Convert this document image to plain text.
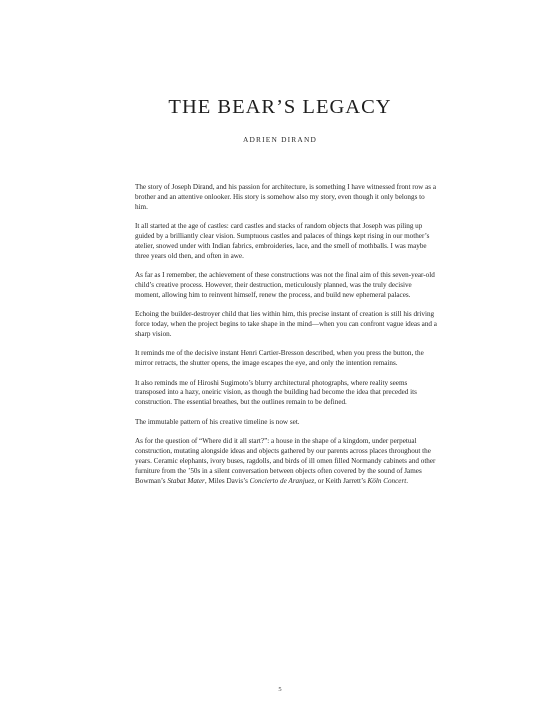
THE BEAR’S LEGACY
ADRIEN DIRAND

The story of Joseph Dirand, and his passion for architecture, is something I have witnessed front row as a brother and an attentive onlooker. His story is somehow also my story, even though it only belongs to him.

It all started at the age of castles: card castles and stacks of random objects that Joseph was piling up guided by a brilliantly clear vision. Sumptuous castles and palaces of things kept rising in our mother’s atelier, snowed under with Indian fabrics, embroideries, lace, and the smell of mothballs. I was maybe three years old then, and often in awe.

As far as I remember, the achievement of these constructions was not the final aim of this seven-year-old child’s creative process. However, their destruction, meticulously planned, was the truly decisive moment, allowing him to reinvent himself, renew the process, and build new ephemeral palaces.

Echoing the builder-destroyer child that lies within him, this precise instant of creation is still his driving force today, when the project begins to take shape in the mind—when you can confront vague ideas and a sharp vision.

It reminds me of the decisive instant Henri Cartier-Bresson described, when you press the button, the mirror retracts, the shutter opens, the image escapes the eye, and only the intention remains.

It also reminds me of Hiroshi Sugimoto’s blurry architectural photographs, where reality seems transposed into a hazy, oneiric vision, as though the building had become the idea that preceded its construction. The essential breathes, but the outlines remain to be defined.

The immutable pattern of his creative timeline is now set.

As for the question of “Where did it all start?”: a house in the shape of a kingdom, under perpetual construction, mutating alongside ideas and objects gathered by our parents across places throughout the years. Ceramic elephants, ivory buses, ragdolls, and birds of ill omen filled Normandy cabinets and other furniture from the ’50s in a silent conversation between objects often covered by the sound of James Bowman’s Stabat Mater, Miles Davis’s Concierto de Aranjuez, or Keith Jarrett’s Köln Concert.

5
